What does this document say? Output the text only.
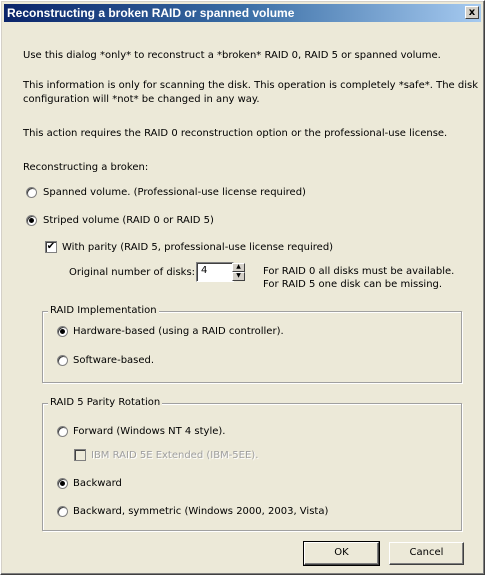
Reconstructing a broken RAID or spanned volume	x
Use this dialog *only* to reconstruct a *broken* RAID 0, RAID 5 or spanned volume.
This information is only for scanning the disk. This operation is completely *safe*. The disk
configuration will *not* be changed in any way.
This action requires the RAID 0 reconstruction option or the professional-use license.
Reconstructing a broken:
Spanned volume. (Professional-use license required)
Striped volume (RAID 0 or RAID 5)
✔ With parity (RAID 5, professional-use license required)
Original number of disks: 4	▲
▼	For RAID 0 all disks must be available.
For RAID 5 one disk can be missing.
RAID Implementation
Hardware-based (using a RAID controller).
Software-based.
RAID 5 Parity Rotation
Forward (Windows NT 4 style).
IBM RAID 5E Extended (IBM-5EE).
Backward
Backward, symmetric (Windows 2000, 2003, Vista)
OK	Cancel
